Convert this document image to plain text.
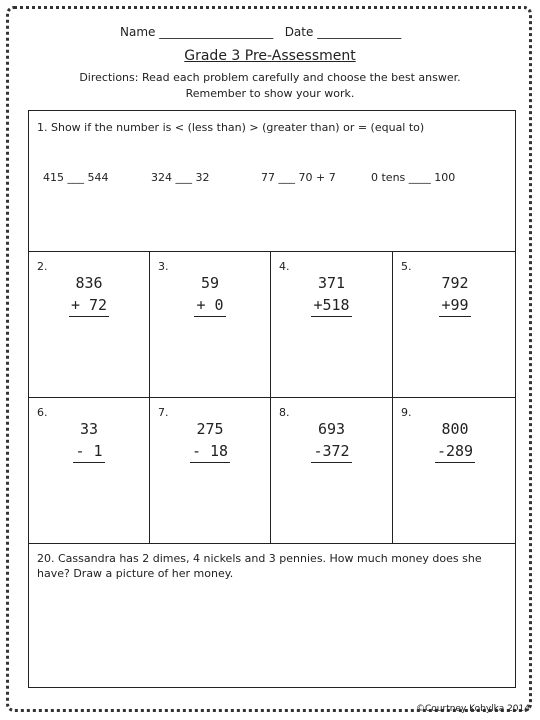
Name ___________________ Date ______________
Grade 3 Pre-Assessment
Directions: Read each problem carefully and choose the best answer.
Remember to show your work.
1. Show if the number is < (less than) > (greater than) or = (equal to)
415 ___ 544	324 ___ 32	77 ___ 70 + 7	0 tens ____ 100
2.
836
+ 72
3.
59
+ 0
4.
371
+518
5.
792
+99
6.
33
- 1
7.
275
- 18
8.
693
-372
9.
800
-289
20. Cassandra has 2 dimes, 4 nickels and 3 pennies. How much money does she have? Draw a picture of her money.
©Courtney Kobylka 2014
